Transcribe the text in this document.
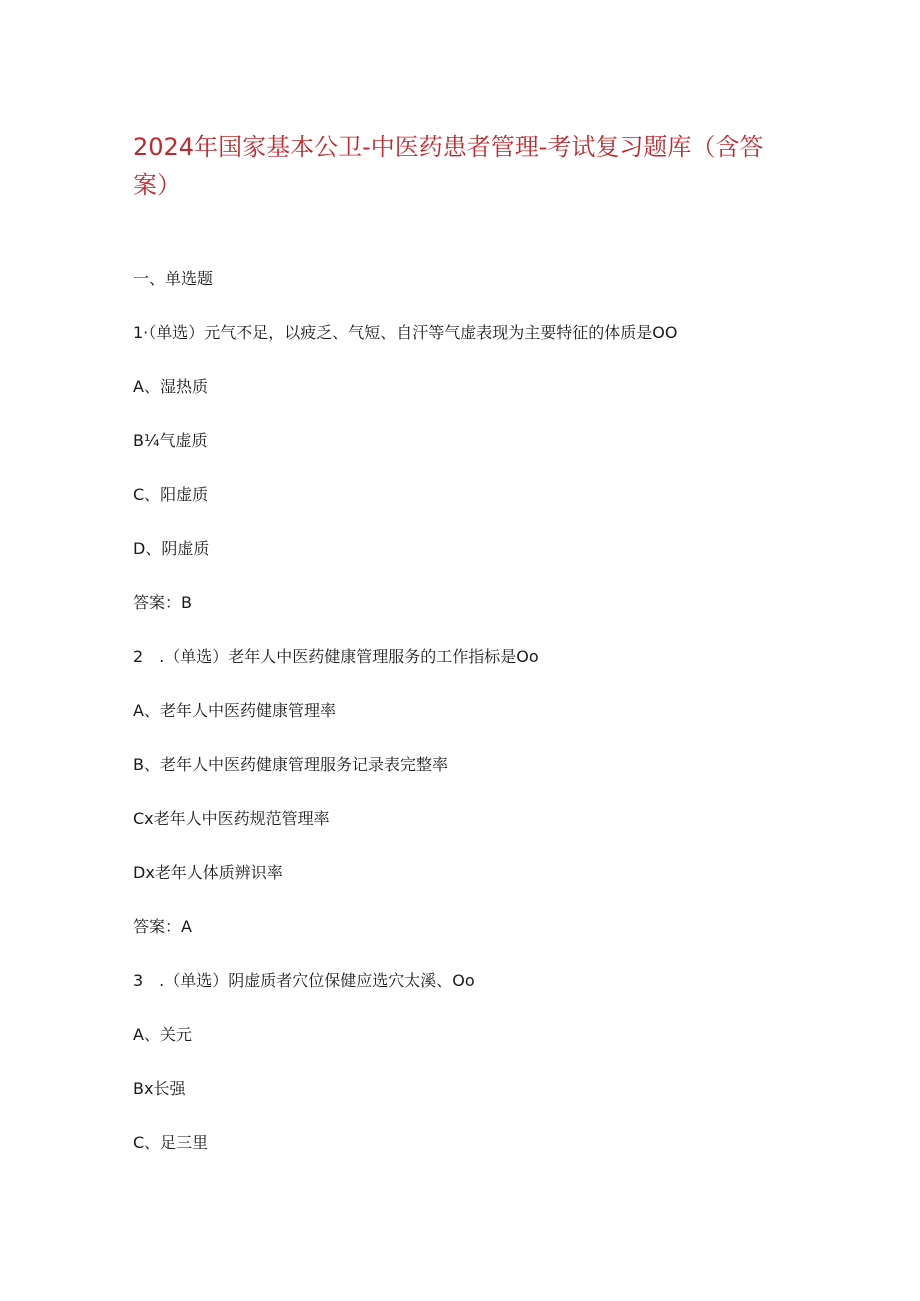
2024年国家基本公卫-中医药患者管理-考试复习题库（含答案）
一、单选题
1·（单选）元气不足，以疲乏、气短、自汗等气虚表现为主要特征的体质是OO
A、湿热质
B¼气虚质
C、阳虚质
D、阴虚质
答案：B
2　.（单选）老年人中医药健康管理服务的工作指标是Oo
A、老年人中医药健康管理率
B、老年人中医药健康管理服务记录表完整率
Cx老年人中医药规范管理率
Dx老年人体质辨识率
答案：A
3　.（单选）阴虚质者穴位保健应选穴太溪、Oo
A、关元
Bx长强
C、足三里
